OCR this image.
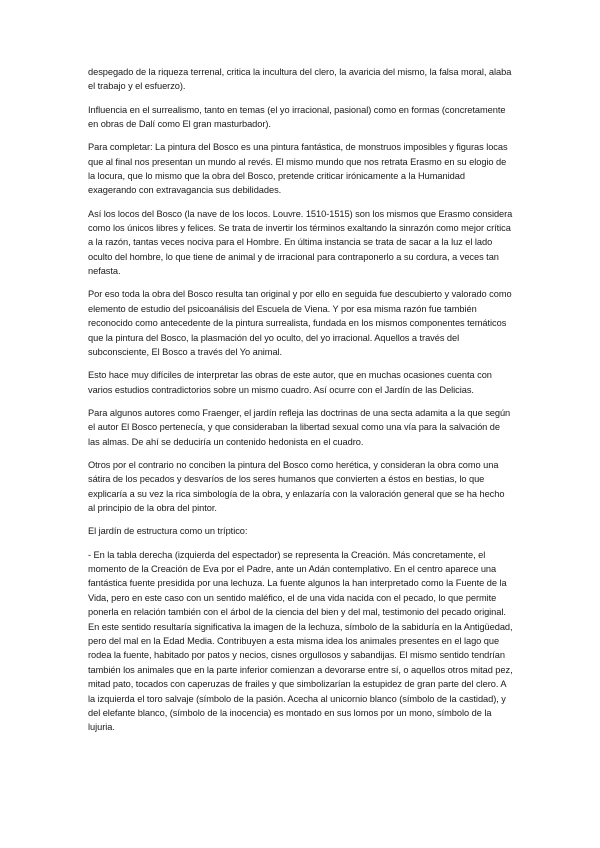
despegado de la riqueza terrenal, critica la incultura del clero, la avaricia del mismo, la falsa moral, alaba el trabajo y el esfuerzo).

Influencia en el surrealismo, tanto en temas (el yo irracional, pasional) como en formas (concretamente en obras de Dalí como El gran masturbador).

Para completar: La pintura del Bosco es una pintura fantástica, de monstruos imposibles y figuras locas que al final nos presentan un mundo al revés. El mismo mundo que nos retrata Erasmo en su elogio de la locura, que lo mismo que la obra del Bosco, pretende criticar irónicamente a la Humanidad exagerando con extravagancia sus debilidades.

Así los locos del Bosco (la nave de los locos. Louvre. 1510-1515) son los mismos que Erasmo considera como los únicos libres y felices. Se trata de invertir los términos exaltando la sinrazón como mejor crítica a la razón, tantas veces nociva para el Hombre. En última instancia se trata de sacar a la luz el lado oculto del hombre, lo que tiene de animal y de irracional para contraponerlo a su cordura, a veces tan nefasta.

Por eso toda la obra del Bosco resulta tan original y por ello en seguida fue descubierto y valorado como elemento de estudio del psicoanálisis del Escuela de Viena. Y por esa misma razón fue también reconocido como antecedente de la pintura surrealista, fundada en los mismos componentes temáticos que la pintura del Bosco, la plasmación del yo oculto, del yo irracional. Aquellos a través del subconsciente, El Bosco a través del Yo animal.

Esto hace muy difíciles de interpretar las obras de este autor, que en muchas ocasiones cuenta con varios estudios contradictorios sobre un mismo cuadro. Así ocurre con el Jardín de las Delicias.

Para algunos autores como Fraenger, el jardín refleja las doctrinas de una secta adamita a la que según el autor El Bosco pertenecía, y que consideraban la libertad sexual como una vía para la salvación de las almas. De ahí se deduciría un contenido hedonista en el cuadro.

Otros por el contrario no conciben la pintura del Bosco como herética, y consideran la obra como una sátira de los pecados y desvaríos de los seres humanos que convierten a éstos en bestias, lo que explicaría a su vez la rica simbología de la obra, y enlazaría con la valoración general que se ha hecho al principio de la obra del pintor.

El jardín de estructura como un tríptico:

- En la tabla derecha (izquierda del espectador) se representa la Creación. Más concretamente, el momento de la Creación de Eva por el Padre, ante un Adán contemplativo. En el centro aparece una fantástica fuente presidida por una lechuza. La fuente algunos la han interpretado como la Fuente de la Vida, pero en este caso con un sentido maléfico, el de una vida nacida con el pecado, lo que permite ponerla en relación también con el árbol de la ciencia del bien y del mal, testimonio del pecado original. En este sentido resultaría significativa la imagen de la lechuza, símbolo de la sabiduría en la Antigüedad, pero del mal en la Edad Media. Contribuyen a esta misma idea los animales presentes en el lago que rodea la fuente, habitado por patos y necios, cisnes orgullosos y sabandijas. El mismo sentido tendrían también los animales que en la parte inferior comienzan a devorarse entre sí, o aquellos otros mitad pez, mitad pato, tocados con caperuzas de frailes y que simbolizarían la estupidez de gran parte del clero. A la izquierda el toro salvaje (símbolo de la pasión. Acecha al unicornio blanco (símbolo de la castidad), y del elefante blanco, (símbolo de la inocencia) es montado en sus lomos por un mono, símbolo de la lujuria.
